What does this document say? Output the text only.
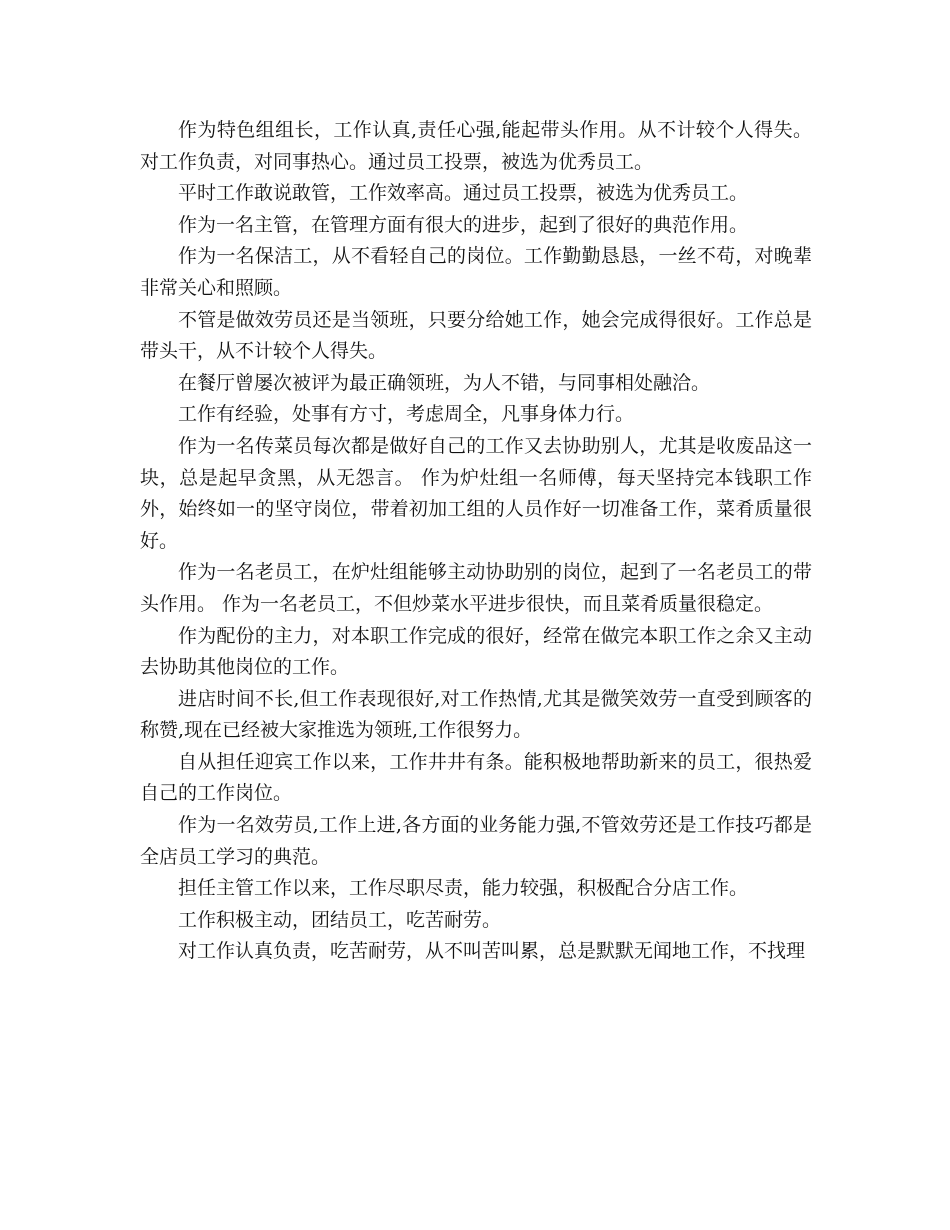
作为特色组组长，工作认真,责任心强,能起带头作用。从不计较个人得失。对工作负责，对同事热心。通过员工投票，被选为优秀员工。

平时工作敢说敢管，工作效率高。通过员工投票，被选为优秀员工。

作为一名主管，在管理方面有很大的进步，起到了很好的典范作用。

作为一名保洁工，从不看轻自己的岗位。工作勤勤恳恳，一丝不苟，对晚辈非常关心和照顾。

不管是做效劳员还是当领班，只要分给她工作，她会完成得很好。工作总是带头干，从不计较个人得失。

在餐厅曾屡次被评为最正确领班，为人不错，与同事相处融洽。

工作有经验，处事有方寸，考虑周全，凡事身体力行。

作为一名传菜员每次都是做好自己的工作又去协助别人，尤其是收废品这一块，总是起早贪黑，从无怨言。 作为炉灶组一名师傅，每天坚持完本钱职工作外，始终如一的坚守岗位，带着初加工组的人员作好一切准备工作，菜肴质量很好。

作为一名老员工，在炉灶组能够主动协助别的岗位，起到了一名老员工的带头作用。 作为一名老员工，不但炒菜水平进步很快，而且菜肴质量很稳定。

作为配份的主力，对本职工作完成的很好，经常在做完本职工作之余又主动去协助其他岗位的工作。

进店时间不长,但工作表现很好,对工作热情,尤其是微笑效劳一直受到顾客的称赞,现在已经被大家推选为领班,工作很努力。

自从担任迎宾工作以来，工作井井有条。能积极地帮助新来的员工，很热爱自己的工作岗位。

作为一名效劳员,工作上进,各方面的业务能力强,不管效劳还是工作技巧都是全店员工学习的典范。

担任主管工作以来，工作尽职尽责，能力较强，积极配合分店工作。

工作积极主动，团结员工，吃苦耐劳。

对工作认真负责，吃苦耐劳，从不叫苦叫累，总是默默无闻地工作，不找理
